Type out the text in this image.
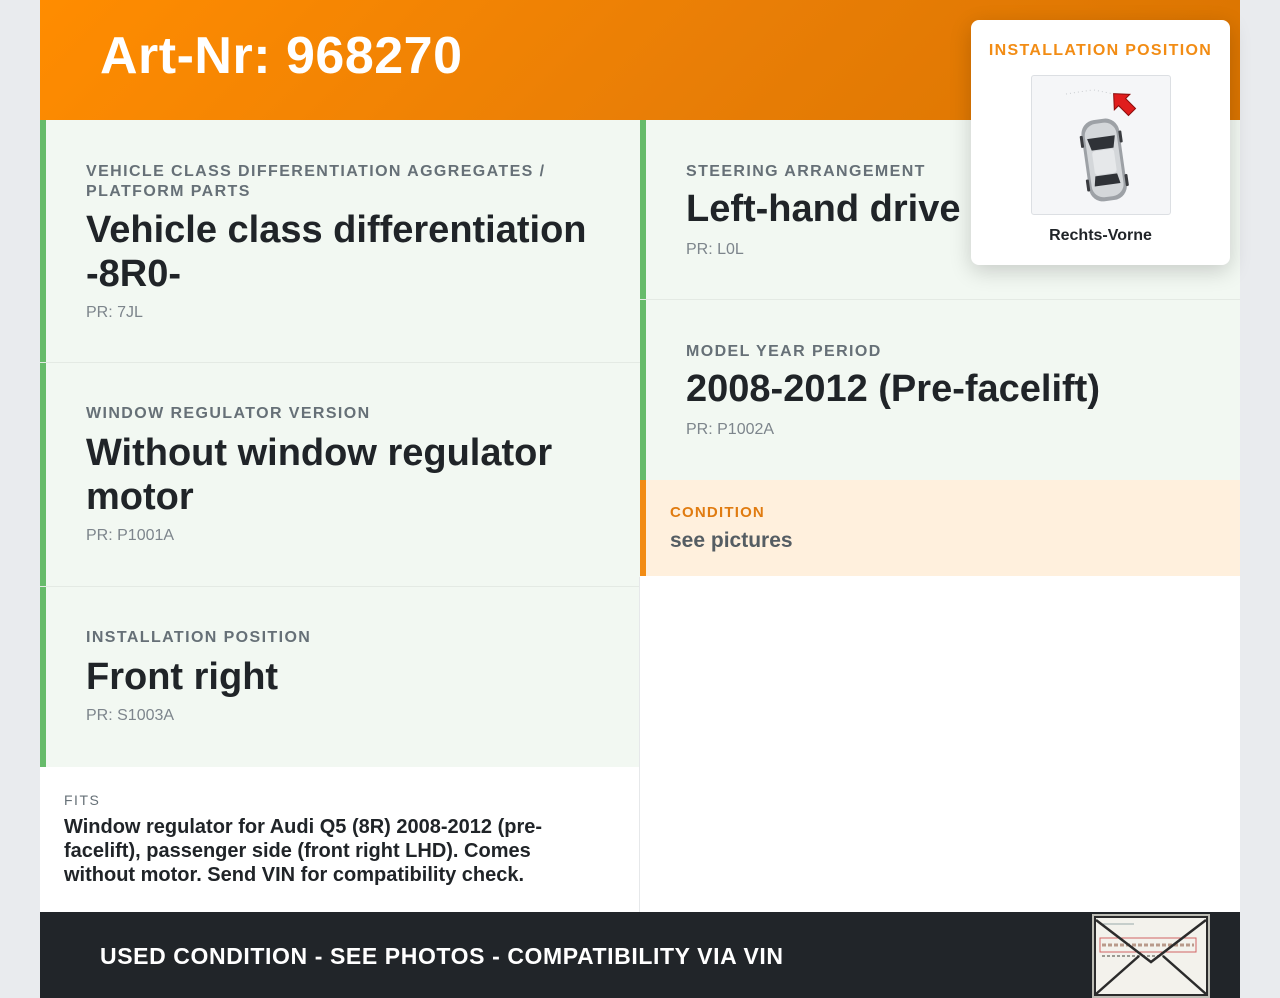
Art-Nr: 968270
VEHICLE CLASS DIFFERENTIATION AGGREGATES / PLATFORM PARTS
Vehicle class differentiation -8R0-
PR: 7JL
WINDOW REGULATOR VERSION
Without window regulator motor
PR: P1001A
INSTALLATION POSITION
Front right
PR: S1003A
STEERING ARRANGEMENT
Left-hand drive
PR: L0L
MODEL YEAR PERIOD
2008-2012 (Pre-facelift)
PR: P1002A
CONDITION
see pictures
FITS
Window regulator for Audi Q5 (8R) 2008-2012 (pre-facelift), passenger side (front right LHD). Comes without motor. Send VIN for compatibility check.
USED CONDITION - SEE PHOTOS - COMPATIBILITY VIA VIN
INSTALLATION POSITION
Rechts-Vorne
